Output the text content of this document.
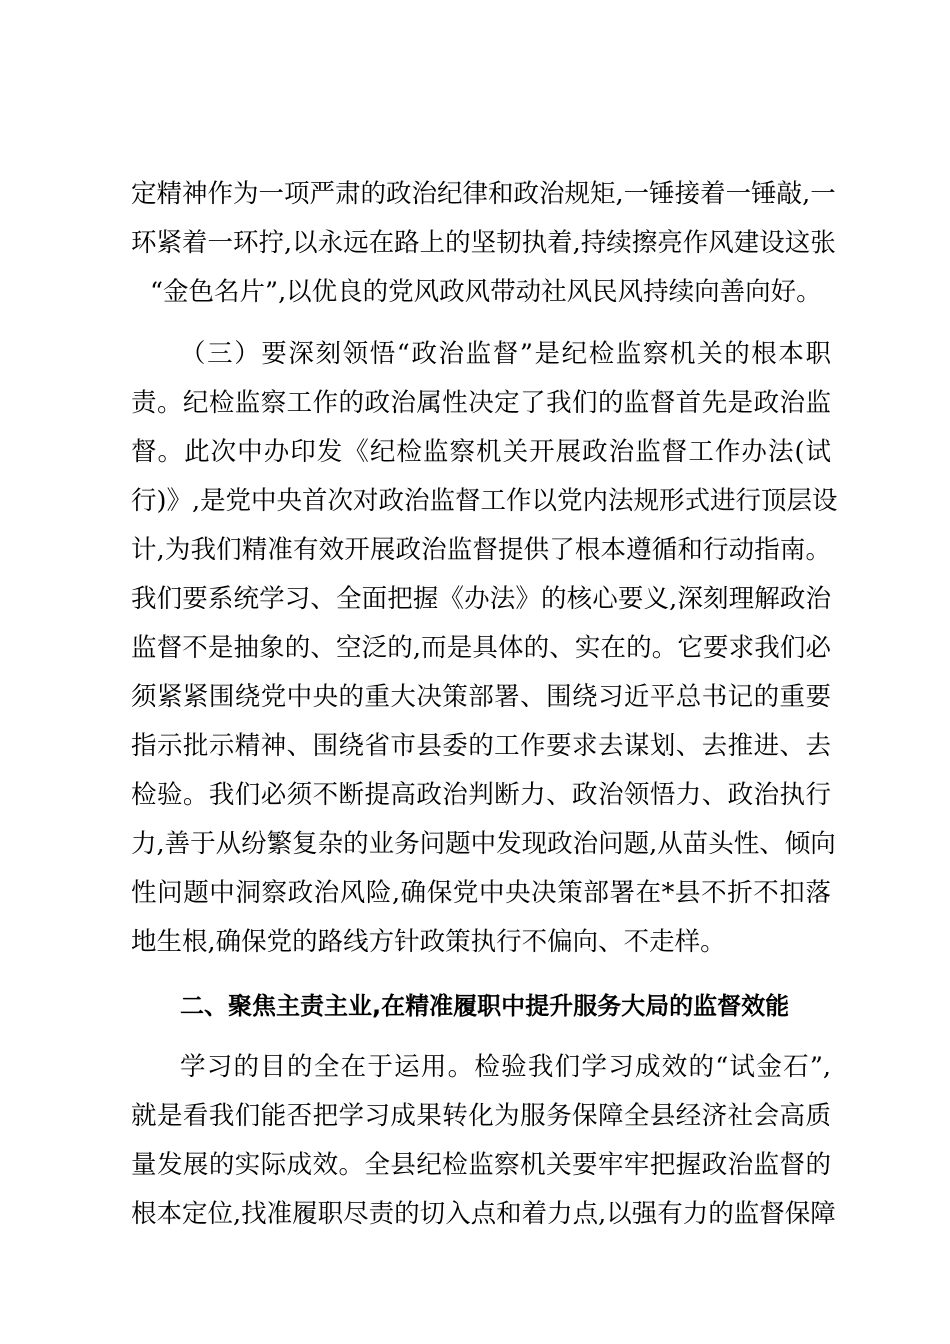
定精神作为一项严肃的政治纪律和政治规矩,一锤接着一锤敲,一
环紧着一环拧,以永远在路上的坚韧执着,持续擦亮作风建设这张
“金色名片”,以优良的党风政风带动社风民风持续向善向好。
（三）要深刻领悟“政治监督”是纪检监察机关的根本职
责。纪检监察工作的政治属性决定了我们的监督首先是政治监
督。此次中办印发《纪检监察机关开展政治监督工作办法(试
行)》,是党中央首次对政治监督工作以党内法规形式进行顶层设
计,为我们精准有效开展政治监督提供了根本遵循和行动指南。
我们要系统学习、全面把握《办法》的核心要义,深刻理解政治
监督不是抽象的、空泛的,而是具体的、实在的。它要求我们必
须紧紧围绕党中央的重大决策部署、围绕习近平总书记的重要
指示批示精神、围绕省市县委的工作要求去谋划、去推进、去
检验。我们必须不断提高政治判断力、政治领悟力、政治执行
力,善于从纷繁复杂的业务问题中发现政治问题,从苗头性、倾向
性问题中洞察政治风险,确保党中央决策部署在*县不折不扣落
地生根,确保党的路线方针政策执行不偏向、不走样。
二、聚焦主责主业,在精准履职中提升服务大局的监督效能
学习的目的全在于运用。检验我们学习成效的“试金石”,
就是看我们能否把学习成果转化为服务保障全县经济社会高质
量发展的实际成效。全县纪检监察机关要牢牢把握政治监督的
根本定位,找准履职尽责的切入点和着力点,以强有力的监督保障
